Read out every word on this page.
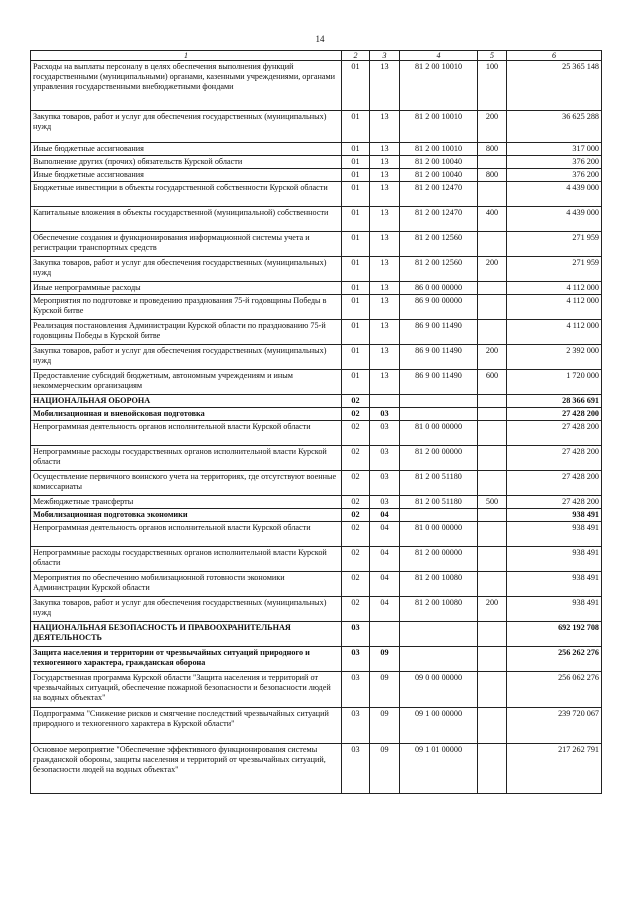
14
1	2	3	4	5	6
Расходы на выплаты персоналу в целях обеспечения выполнения функций государственными (муниципальными) органами, казенными учреждениями, органами управления государственными внебюджетными фондами	01	13	81 2 00 10010	100	25 365 148
Закупка товаров, работ и услуг для обеспечения государственных (муниципальных) нужд	01	13	81 2 00 10010	200	36 625 288
Иные бюджетные ассигнования	01	13	81 2 00 10010	800	317 000
Выполнение других (прочих) обязательств Курской области	01	13	81 2 00 10040		376 200
Иные бюджетные ассигнования	01	13	81 2 00 10040	800	376 200
Бюджетные инвестиции в объекты государственной собственности Курской области	01	13	81 2 00 12470		4 439 000
Капитальные вложения в объекты государственной (муниципальной) собственности	01	13	81 2 00 12470	400	4 439 000
Обеспечение создания и функционирования информационной системы учета и регистрации транспортных средств	01	13	81 2 00 12560		271 959
Закупка товаров, работ и услуг для обеспечения государственных (муниципальных) нужд	01	13	81 2 00 12560	200	271 959
Иные непрограммные расходы	01	13	86 0 00 00000		4 112 000
Мероприятия по подготовке и проведению празднования 75-й годовщины Победы в Курской битве	01	13	86 9 00 00000		4 112 000
Реализация постановления Администрации Курской области по празднованию 75-й годовщины Победы в Курской битве	01	13	86 9 00 11490		4 112 000
Закупка товаров, работ и услуг для обеспечения государственных (муниципальных) нужд	01	13	86 9 00 11490	200	2 392 000
Предоставление субсидий бюджетным, автономным учреждениям и иным некоммерческим организациям	01	13	86 9 00 11490	600	1 720 000
НАЦИОНАЛЬНАЯ ОБОРОНА	02				28 366 691
Мобилизационная и вневойсковая подготовка	02	03			27 428 200
Непрограммная деятельность органов исполнительной власти Курской области	02	03	81 0 00 00000		27 428 200
Непрограммные расходы государственных органов исполнительной власти Курской области	02	03	81 2 00 00000		27 428 200
Осуществление первичного воинского учета на территориях, где отсутствуют военные комиссариаты	02	03	81 2 00 51180		27 428 200
Межбюджетные трансферты	02	03	81 2 00 51180	500	27 428 200
Мобилизационная подготовка экономики	02	04			938 491
Непрограммная деятельность органов исполнительной власти Курской области	02	04	81 0 00 00000		938 491
Непрограммные расходы государственных органов исполнительной власти Курской области	02	04	81 2 00 00000		938 491
Мероприятия по обеспечению мобилизационной готовности экономики Администрации Курской области	02	04	81 2 00 10080		938 491
Закупка товаров, работ и услуг для обеспечения государственных (муниципальных) нужд	02	04	81 2 00 10080	200	938 491
НАЦИОНАЛЬНАЯ БЕЗОПАСНОСТЬ И ПРАВООХРАНИТЕЛЬНАЯ ДЕЯТЕЛЬНОСТЬ	03				692 192 708
Защита населения и территории от чрезвычайных ситуаций природного и техногенного характера, гражданская оборона	03	09			256 262 276
Государственная программа Курской области "Защита населения и территорий от чрезвычайных ситуаций, обеспечение пожарной безопасности и безопасности людей на водных объектах"	03	09	09 0 00 00000		256 062 276
Подпрограмма "Снижение рисков и смягчение последствий чрезвычайных ситуаций природного и техногенного характера в Курской области"	03	09	09 1 00 00000		239 720 067
Основное мероприятие "Обеспечение эффективного функционирования системы гражданской обороны, защиты населения и территорий от чрезвычайных ситуаций, безопасности людей на водных объектах"	03	09	09 1 01 00000		217 262 791
